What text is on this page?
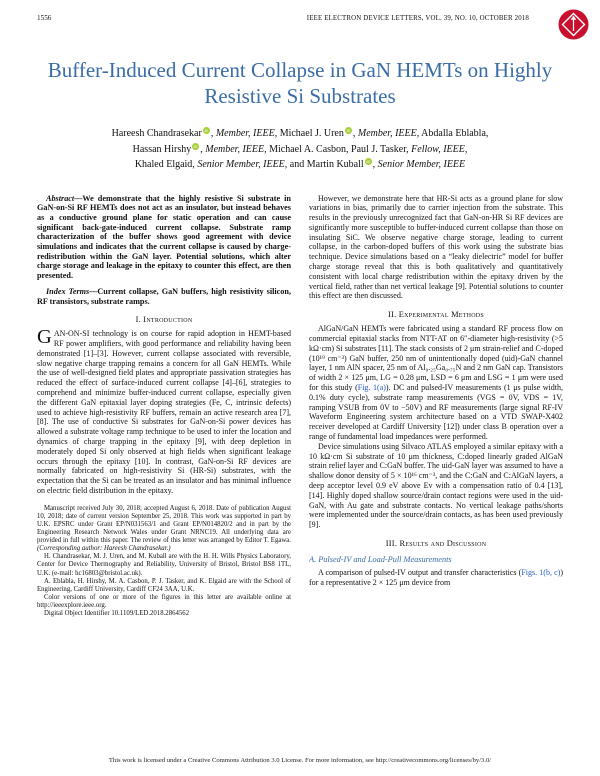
1556	IEEE ELECTRON DEVICE LETTERS, VOL. 39, NO. 10, OCTOBER 2018
Buffer-Induced Current Collapse in GaN HEMTs on Highly Resistive Si Substrates
Hareesh Chandrasekar iD , Member, IEEE, Michael J. Uren iD , Member, IEEE, Abdalla Eblabla,
Hassan Hirshy iD , Member, IEEE, Michael A. Casbon, Paul J. Tasker, Fellow, IEEE,
Khaled Elgaid, Senior Member, IEEE, and Martin Kuball iD , Senior Member, IEEE

Abstract—We demonstrate that the highly resistive Si substrate in GaN-on-Si RF HEMTs does not act as an insulator, but instead behaves as a conductive ground plane for static operation and can cause significant back-gate-induced current collapse. Substrate ramp characterization of the buffer shows good agreement with device simulations and indicates that the current collapse is caused by charge-redistribution within the GaN layer. Potential solutions, which alter charge storage and leakage in the epitaxy to counter this effect, are then presented.

Index Terms—Current collapse, GaN buffers, high resistivity silicon, RF transistors, substrate ramps.

I. Introduction

GAN-ON-SI technology is on course for rapid adoption in HEMT-based RF power amplifiers, with good performance and reliability having been demonstrated [1]–[3]. However, current collapse associated with reversible, slow negative charge trapping remains a concern for all GaN HEMTs. While the use of well-designed field plates and appropriate passivation strategies has reduced the effect of surface-induced current collapse [4]–[6], strategies to comprehend and minimize buffer-induced current collapse, especially given the different GaN epitaxial layer doping strategies (Fe, C, intrinsic defects) used to achieve high-resistivity RF buffers, remain an active research area [7], [8]. The use of conductive Si substrates for GaN-on-Si power devices has allowed a substrate voltage ramp technique to be used to infer the location and dynamics of charge trapping in the epitaxy [9], with deep depletion in moderately doped Si only observed at high fields when significant leakage occurs through the epitaxy [10]. In contrast, GaN-on-Si RF devices are normally fabricated on high-resistivity Si (HR-Si) substrates, with the expectation that the Si can be treated as an insulator and has minimal influence on electric field distribution in the epitaxy.

Manuscript received July 30, 2018; accepted August 6, 2018. Date of publication August 10, 2018; date of current version September 25, 2018. This work was supported in part by U.K. EPSRC under Grant EP/N031563/1 and Grant EP/N014820/2 and in part by the Engineering Research Network Wales under Grant NRNC19. All underlying data are provided in full within this paper. The review of this letter was arranged by Editor T. Egawa. (Corresponding author: Hareesh Chandrasekar.)

H. Chandrasekar, M. J. Uren, and M. Kuball are with the H. H. Wills Physics Laboratory, Center for Device Thermography and Reliability, University of Bristol, Bristol BS8 1TL, U.K. (e-mail: hc16803@bristol.ac.uk).

A. Eblabla, H. Hirshy, M. A. Casbon, P. J. Tasker, and K. Elgaid are with the School of Engineering, Cardiff University, Cardiff CF24 3AA, U.K.

Color versions of one or more of the figures in this letter are available online at http://ieeexplore.ieee.org.

Digital Object Identifier 10.1109/LED.2018.2864562

However, we demonstrate here that HR-Si acts as a ground plane for slow variations in bias, primarily due to carrier injection from the substrate. This results in the previously unrecognized fact that GaN-on-HR Si RF devices are significantly more susceptible to buffer-induced current collapse than those on insulating SiC. We observe negative charge storage, leading to current collapse, in the carbon-doped buffers of this work using the substrate bias technique. Device simulations based on a “leaky dielectric” model for buffer charge storage reveal that this is both qualitatively and quantitatively consistent with local charge redistribution within the epitaxy driven by the vertical field, rather than net vertical leakage [9]. Potential solutions to counter this effect are then discussed.

II. Experimental Methods

AlGaN/GaN HEMTs were fabricated using a standard RF process flow on commercial epitaxial stacks from NTT-AT on 6″-diameter high-resistivity (>5 kΩ·cm) Si substrates [11]. The stack consists of 2 μm strain-relief and C-doped (10¹⁹ cm⁻³) GaN buffer, 250 nm of unintentionally doped (uid)-GaN channel layer, 1 nm AlN spacer, 25 nm of Al₀.₂₅Ga₀.₇₅N and 2 nm GaN cap. Transistors of width 2 × 125 μm, LG = 0.28 μm, LSD = 6 μm and LSG = 1 μm were used for this study (Fig. 1(a)). DC and pulsed-IV measurements (1 μs pulse width, 0.1% duty cycle), substrate ramp measurements (VGS = 0V, VDS = 1V, ramping VSUB from 0V to −50V) and RF measurements (large signal RF-IV Waveform Engineering system architecture based on a VTD SWAP-X402 receiver developed at Cardiff University [12]) under class B operation over a range of fundamental load impedances were performed.

Device simulations using Silvaco ATLAS employed a similar epitaxy with a 10 kΩ·cm Si substrate of 10 μm thickness, C:doped linearly graded AlGaN strain relief layer and C:GaN buffer. The uid-GaN layer was assumed to have a shallow donor density of 5 × 10¹⁶ cm⁻³, and the C:GaN and C:AlGaN layers, a deep acceptor level 0.9 eV above Ev with a compensation ratio of 0.4 [13], [14]. Highly doped shallow source/drain contact regions were used in the uid-GaN, with Au gate and substrate contacts. No vertical leakage paths/shorts were implemented under the source/drain contacts, as has been used previously [9].

III. Results and Discussion
A. Pulsed-IV and Load-Pull Measurements

A comparison of pulsed-IV output and transfer characteristics (Figs. 1(b, c)) for a representative 2 × 125 μm device from

This work is licensed under a Creative Commons Attribution 3.0 License. For more information, see http://creativecommons.org/licenses/by/3.0/
